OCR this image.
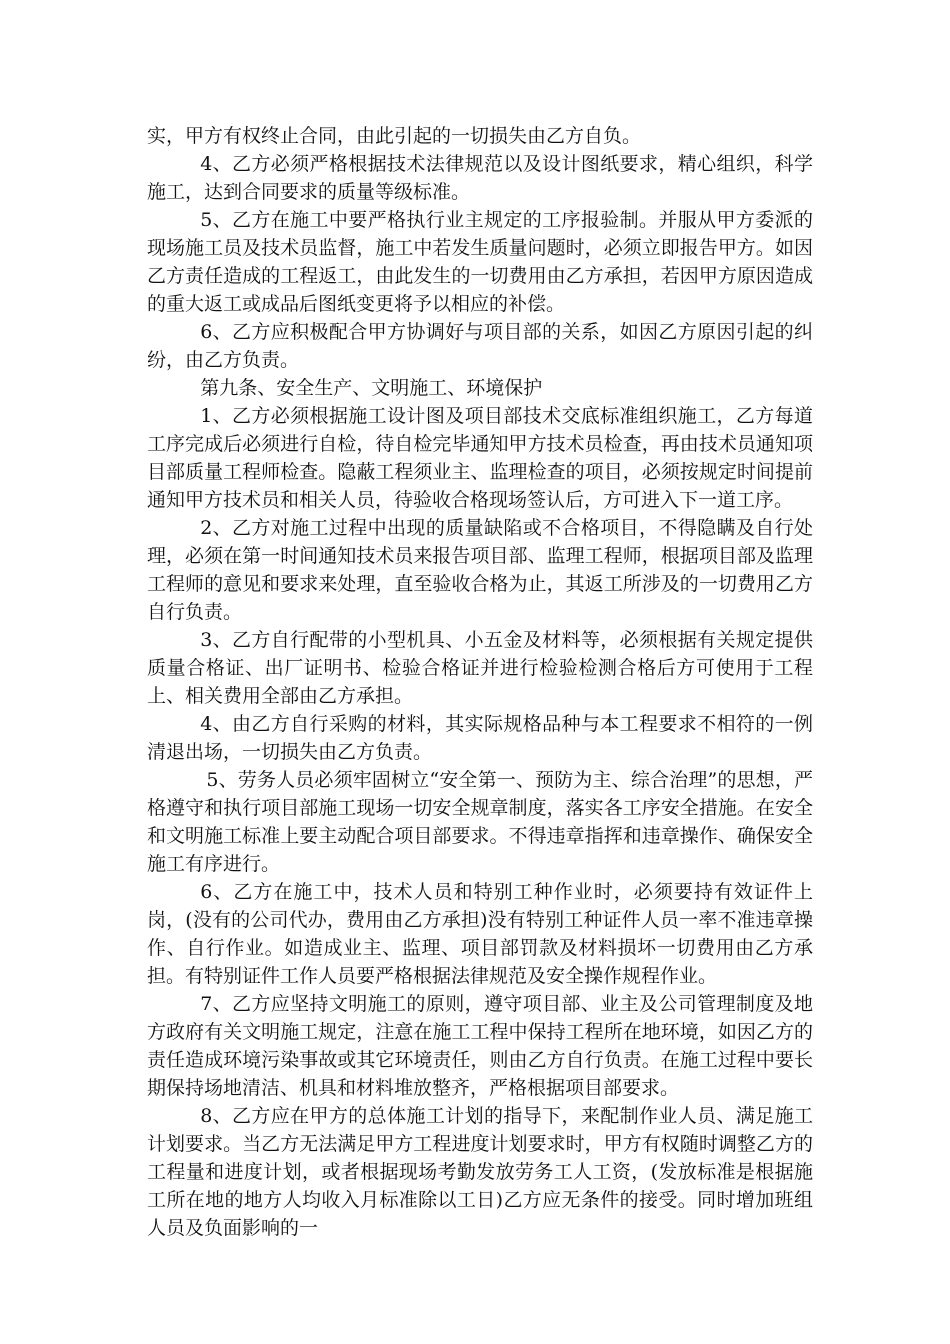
实，甲方有权终止合同，由此引起的一切损失由乙方自负。

4、乙方必须严格根据技术法律规范以及设计图纸要求，精心组织，科学施工，达到合同要求的质量等级标准。

5、乙方在施工中要严格执行业主规定的工序报验制。并服从甲方委派的现场施工员及技术员监督，施工中若发生质量问题时，必须立即报告甲方。如因乙方责任造成的工程返工，由此发生的一切费用由乙方承担，若因甲方原因造成的重大返工或成品后图纸变更将予以相应的补偿。

6、乙方应积极配合甲方协调好与项目部的关系，如因乙方原因引起的纠纷，由乙方负责。

第九条、安全生产、文明施工、环境保护

1、乙方必须根据施工设计图及项目部技术交底标准组织施工，乙方每道工序完成后必须进行自检，待自检完毕通知甲方技术员检查，再由技术员通知项目部质量工程师检查。隐蔽工程须业主、监理检查的项目，必须按规定时间提前通知甲方技术员和相关人员，待验收合格现场签认后，方可进入下一道工序。

2、乙方对施工过程中出现的质量缺陷或不合格项目，不得隐瞒及自行处理，必须在第一时间通知技术员来报告项目部、监理工程师，根据项目部及监理工程师的意见和要求来处理，直至验收合格为止，其返工所涉及的一切费用乙方自行负责。

3、乙方自行配带的小型机具、小五金及材料等，必须根据有关规定提供质量合格证、出厂证明书、检验合格证并进行检验检测合格后方可使用于工程上、相关费用全部由乙方承担。

4、由乙方自行采购的材料，其实际规格品种与本工程要求不相符的一例清退出场，一切损失由乙方负责。

5、劳务人员必须牢固树立“安全第一、预防为主、综合治理”的思想，严格遵守和执行项目部施工现场一切安全规章制度，落实各工序安全措施。在安全和文明施工标准上要主动配合项目部要求。不得违章指挥和违章操作、确保安全施工有序进行。

6、乙方在施工中，技术人员和特别工种作业时，必须要持有效证件上岗，(没有的公司代办，费用由乙方承担)没有特别工种证件人员一率不准违章操作、自行作业。如造成业主、监理、项目部罚款及材料损坏一切费用由乙方承担。有特别证件工作人员要严格根据法律规范及安全操作规程作业。

7、乙方应坚持文明施工的原则，遵守项目部、业主及公司管理制度及地方政府有关文明施工规定，注意在施工工程中保持工程所在地环境，如因乙方的责任造成环境污染事故或其它环境责任，则由乙方自行负责。在施工过程中要长期保持场地清洁、机具和材料堆放整齐，严格根据项目部要求。

8、乙方应在甲方的总体施工计划的指导下，来配制作业人员、满足施工计划要求。当乙方无法满足甲方工程进度计划要求时，甲方有权随时调整乙方的工程量和进度计划，或者根据现场考勤发放劳务工人工资，(发放标准是根据施工所在地的地方人均收入月标准除以工日)乙方应无条件的接受。同时增加班组人员及负面影响的一
